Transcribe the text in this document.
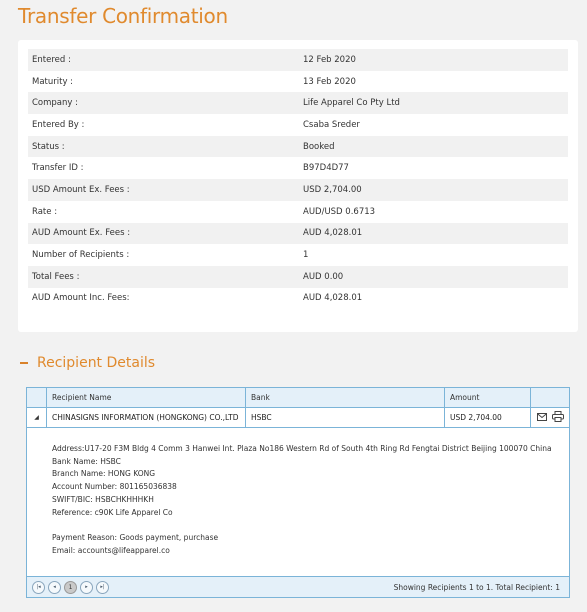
Transfer Confirmation
Entered :	12 Feb 2020
Maturity :	13 Feb 2020
Company :	Life Apparel Co Pty Ltd
Entered By :	Csaba Sreder
Status :	Booked
Transfer ID :	B97D4D77
USD Amount Ex. Fees :	USD 2,704.00
Rate :	AUD/USD 0.6713
AUD Amount Ex. Fees :	AUD 4,028.01
Number of Recipients :	1
Total Fees :	AUD 0.00
AUD Amount Inc. Fees:	AUD 4,028.01
Recipient Details
Recipient Name	Bank	Amount
◢	CHINASIGNS INFORMATION (HONGKONG) CO.,LTD	HSBC	USD 2,704.00
Address:U17-20 F3M Bldg 4 Comm 3 Hanwei Int. Plaza No186 Western Rd of South 4th Ring Rd Fengtai District Beijing 100070 China
Bank Name: HSBC
Branch Name: HONG KONG
Account Number: 801165036838
SWIFT/BIC: HSBCHKHHHKH
Reference: c90K Life Apparel Co
Payment Reason: Goods payment, purchase
Email: accounts@lifeapparel.co
|◂	◂	1	▸	▸|	Showing Recipients 1 to 1. Total Recipient: 1
